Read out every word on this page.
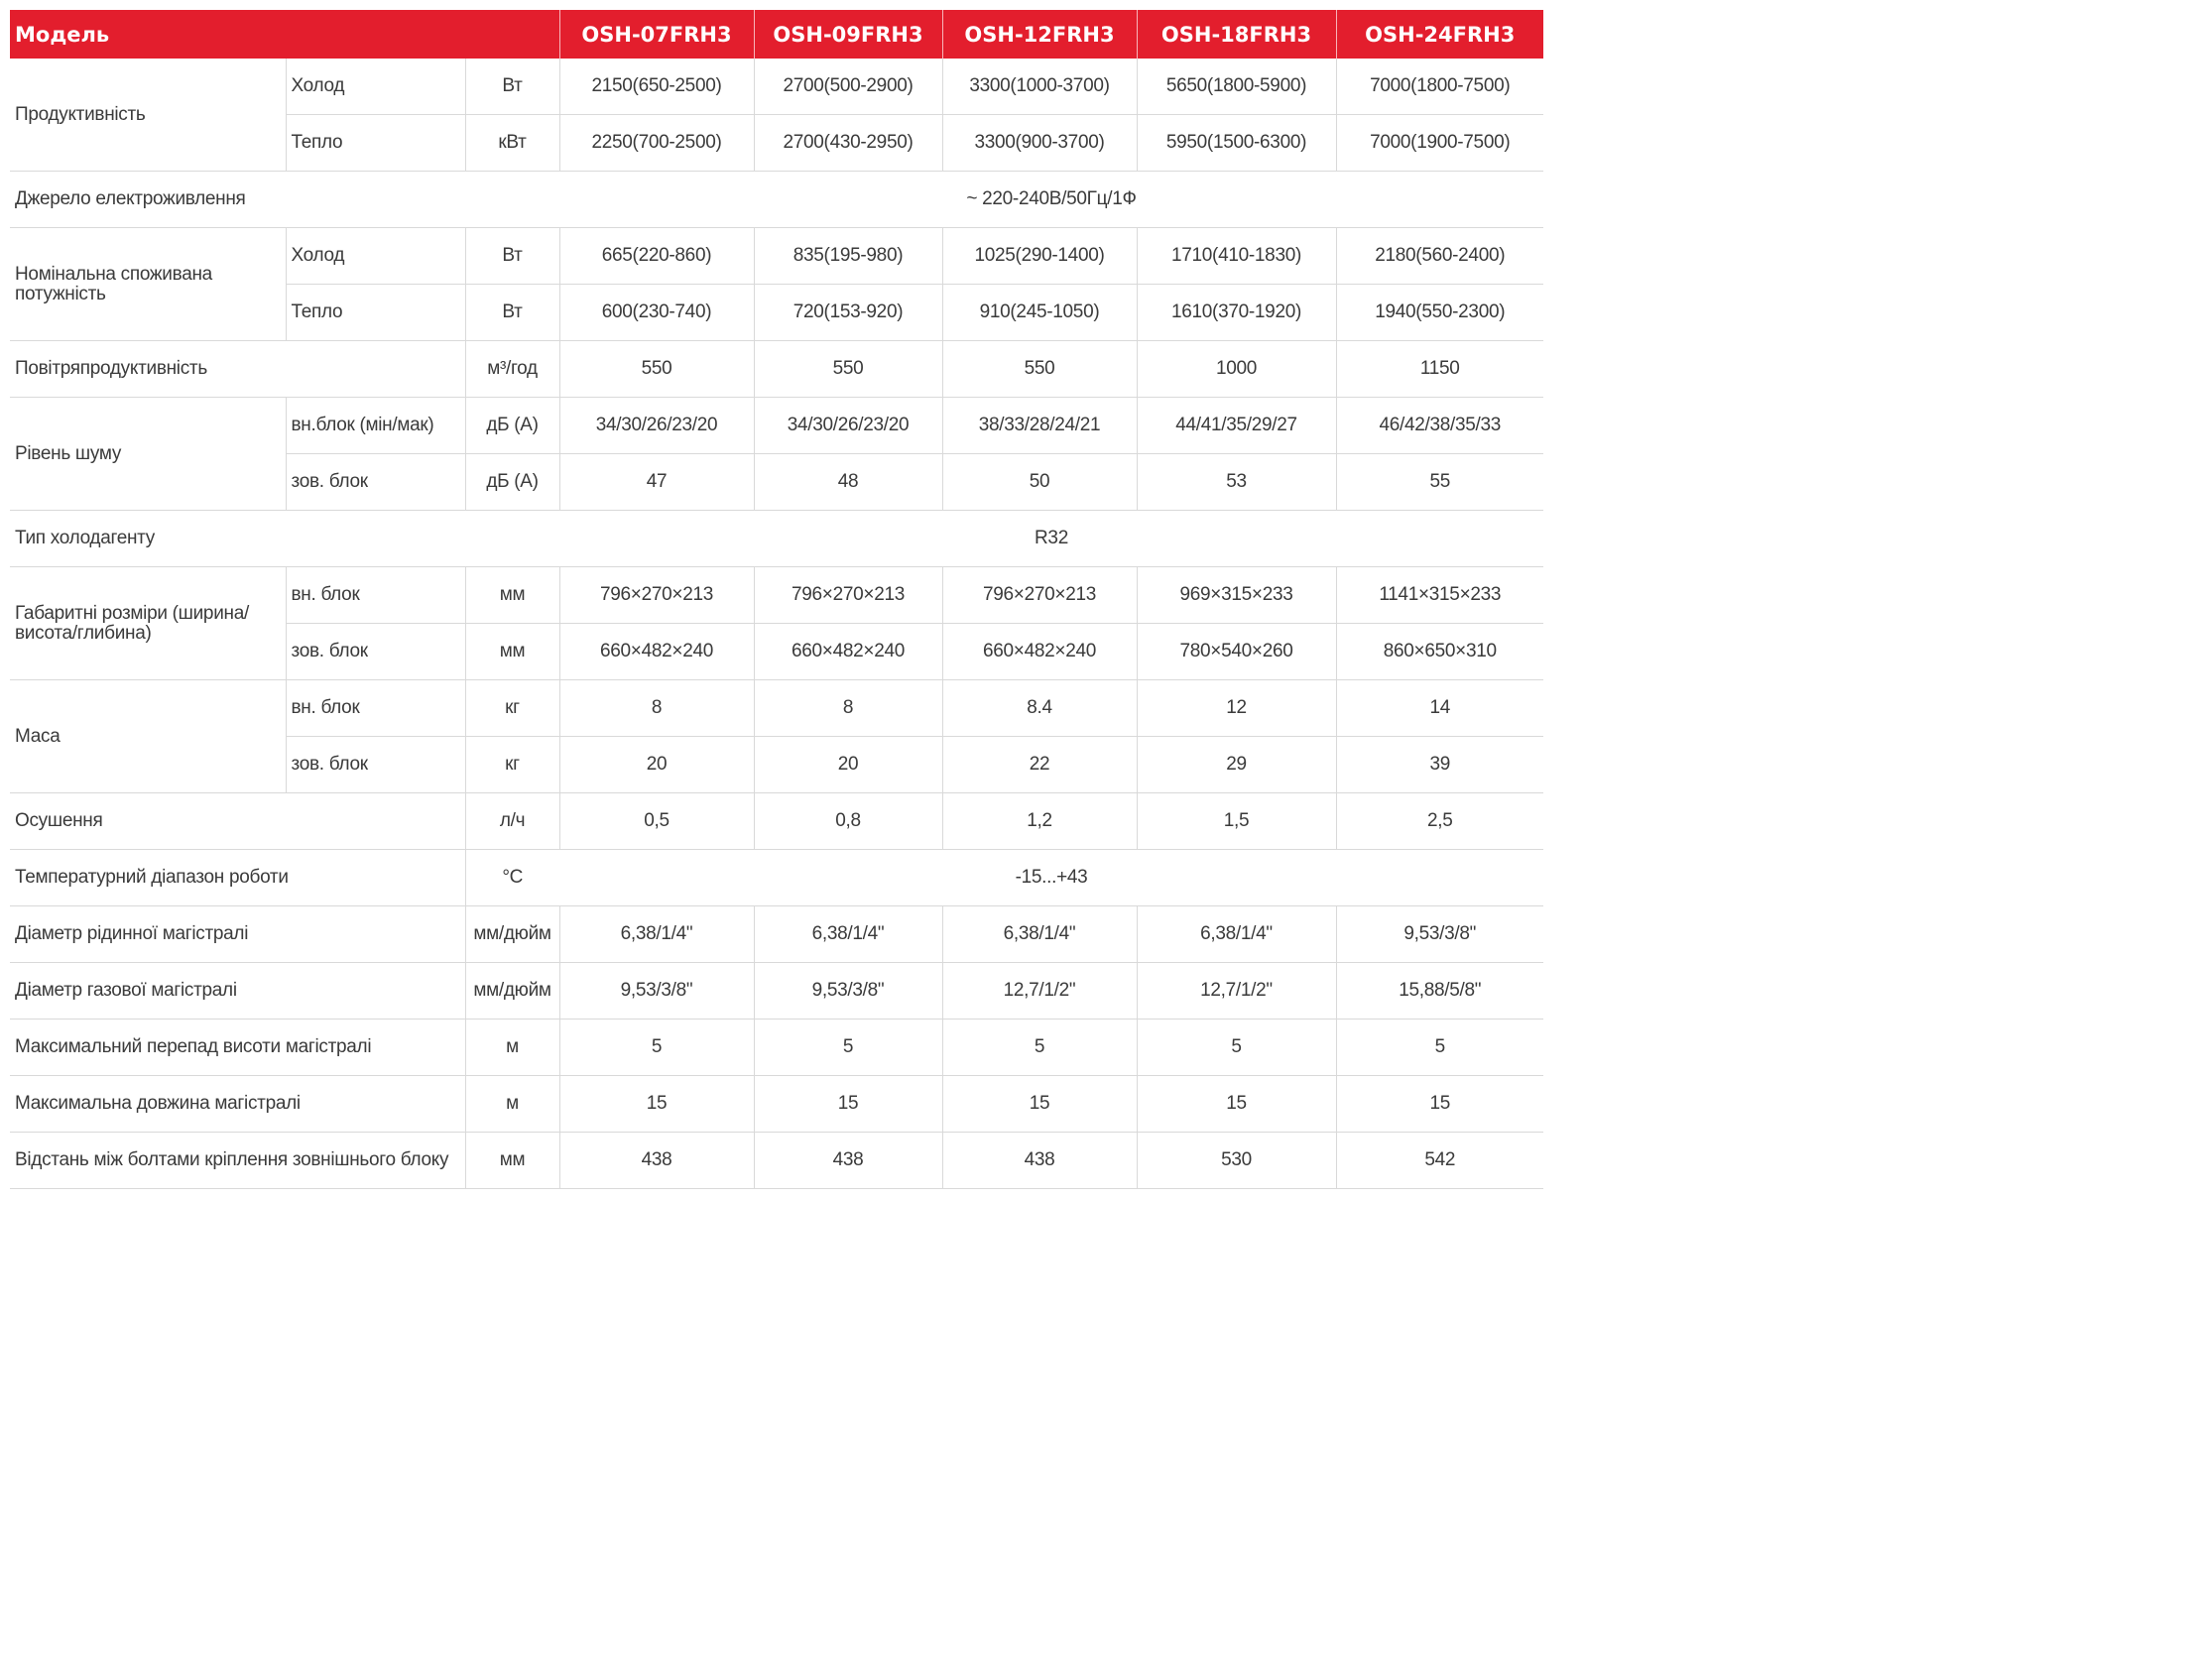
Модель			OSH-07FRH3	OSH-09FRH3	OSH-12FRH3	OSH-18FRH3	OSH-24FRH3
Продуктивність	Холод	Вт	2150(650-2500)	2700(500-2900)	3300(1000-3700)	5650(1800-5900)	7000(1800-7500)
	Тепло	кВт	2250(700-2500)	2700(430-2950)	3300(900-3700)	5950(1500-6300)	7000(1900-7500)
Джерело електроживлення			~ 220-240В/50Гц/1Ф				
Номінальна споживана потужність	Холод	Вт	665(220-860)	835(195-980)	1025(290-1400)	1710(410-1830)	2180(560-2400)
	Тепло	Вт	600(230-740)	720(153-920)	910(245-1050)	1610(370-1920)	1940(550-2300)
Повітряпродуктивність		м³/год	550	550	550	1000	1150
Рівень шуму	вн.блок (мін/мак)	дБ (А)	34/30/26/23/20	34/30/26/23/20	38/33/28/24/21	44/41/35/29/27	46/42/38/35/33
	зов. блок	дБ (А)	47	48	50	53	55
Тип холодагенту			R32				
Габаритні розміри (ширина/висота/глибина)	вн. блок	мм	796×270×213	796×270×213	796×270×213	969×315×233	1141×315×233
	зов. блок	мм	660×482×240	660×482×240	660×482×240	780×540×260	860×650×310
Маса	вн. блок	кг	8	8	8.4	12	14
	зов. блок	кг	20	20	22	29	39
Осушення		л/ч	0,5	0,8	1,2	1,5	2,5
Температурний діапазон роботи		°C	-15...+43				
Діаметр рідинної магістралі		мм/дюйм	6,38/1/4"	6,38/1/4"	6,38/1/4"	6,38/1/4"	9,53/3/8"
Діаметр газової магістралі		мм/дюйм	9,53/3/8"	9,53/3/8"	12,7/1/2"	12,7/1/2"	15,88/5/8"
Максимальний перепад висоти магістралі		м	5	5	5	5	5
Максимальна довжина магістралі		м	15	15	15	15	15
Відстань між болтами кріплення зовнішнього блоку		мм	438	438	438	530	542
